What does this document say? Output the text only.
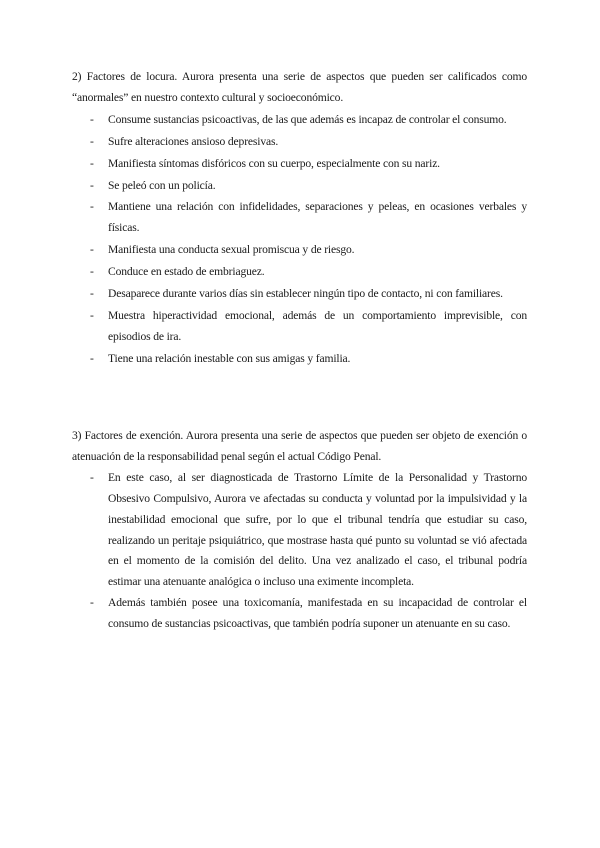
2) Factores de locura. Aurora presenta una serie de aspectos que pueden ser calificados como “anormales” en nuestro contexto cultural y socioeconómico.

- Consume sustancias psicoactivas, de las que además es incapaz de controlar el consumo.
- Sufre alteraciones ansioso depresivas.
- Manifiesta síntomas disfóricos con su cuerpo, especialmente con su nariz.
- Se peleó con un policía.
- Mantiene una relación con infidelidades, separaciones y peleas, en ocasiones verbales y físicas.
- Manifiesta una conducta sexual promiscua y de riesgo.
- Conduce en estado de embriaguez.
- Desaparece durante varios días sin establecer ningún tipo de contacto, ni con familiares.
- Muestra hiperactividad emocional, además de un comportamiento imprevisible, con episodios de ira.
- Tiene una relación inestable con sus amigas y familia.

3) Factores de exención. Aurora presenta una serie de aspectos que pueden ser objeto de exención o atenuación de la responsabilidad penal según el actual Código Penal.

- En este caso, al ser diagnosticada de Trastorno Límite de la Personalidad y Trastorno Obsesivo Compulsivo, Aurora ve afectadas su conducta y voluntad por la impulsividad y la inestabilidad emocional que sufre, por lo que el tribunal tendría que estudiar su caso, realizando un peritaje psiquiátrico, que mostrase hasta qué punto su voluntad se vió afectada en el momento de la comisión del delito. Una vez analizado el caso, el tribunal podría estimar una atenuante analógica o incluso una eximente incompleta.
- Además también posee una toxicomanía, manifestada en su incapacidad de controlar el consumo de sustancias psicoactivas, que también podría suponer un atenuante en su caso.
